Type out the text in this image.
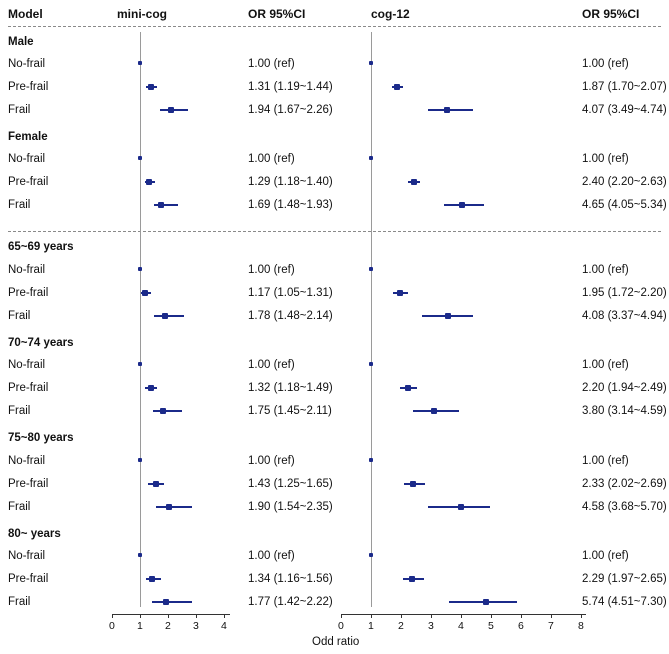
Model	mini-cog	OR 95%CI	cog-12	OR 95%CI
Male
No-frail	1.00 (ref)	1.00 (ref)
Pre-frail	1.31 (1.19~1.44)	1.87 (1.70~2.07)
Frail	1.94 (1.67~2.26)	4.07 (3.49~4.74)
Female
No-frail	1.00 (ref)	1.00 (ref)
Pre-frail	1.29 (1.18~1.40)	2.40 (2.20~2.63)
Frail	1.69 (1.48~1.93)	4.65 (4.05~5.34)
65~69 years
No-frail	1.00 (ref)	1.00 (ref)
Pre-frail	1.17 (1.05~1.31)	1.95 (1.72~2.20)
Frail	1.78 (1.48~2.14)	4.08 (3.37~4.94)
70~74 years
No-frail	1.00 (ref)	1.00 (ref)
Pre-frail	1.32 (1.18~1.49)	2.20 (1.94~2.49)
Frail	1.75 (1.45~2.11)	3.80 (3.14~4.59)
75~80 years
No-frail	1.00 (ref)	1.00 (ref)
Pre-frail	1.43 (1.25~1.65)	2.33 (2.02~2.69)
Frail	1.90 (1.54~2.35)	4.58 (3.68~5.70)
80~ years
No-frail	1.00 (ref)	1.00 (ref)
Pre-frail	1.34 (1.16~1.56)	2.29 (1.97~2.65)
Frail	1.77 (1.42~2.22)	5.74 (4.51~7.30)
0 1 2 3 4	0 1 2 3 4 5 6 7 8
Odd ratio
